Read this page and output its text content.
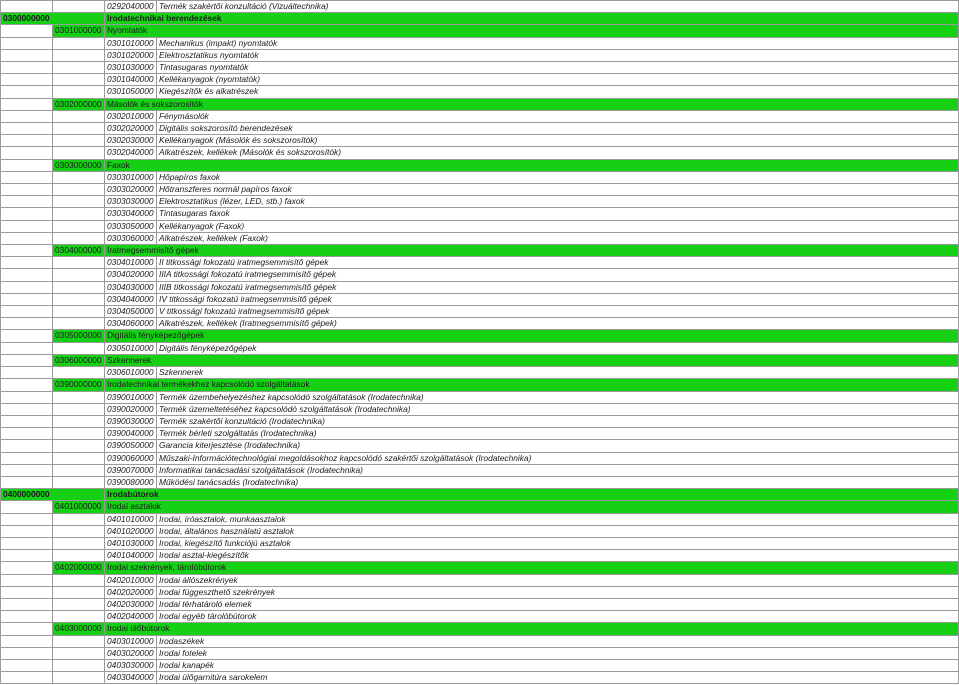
		0292040000	Termék szakértői konzultáció (Vizuáltechnika)
0300000000		Irodatechnikai berendezések	
	0301000000	Nyomtatók	
		0301010000	Mechanikus (impakt) nyomtatók
		0301020000	Elektrosztatikus nyomtatók
		0301030000	Tintasugaras nyomtatók
		0301040000	Kellékanyagok (nyomtatók)
		0301050000	Kiegészítők és alkatrészek
	0302000000	Másolók és sokszorosítók	
		0302010000	Fénymásolók
		0302020000	Digitális sokszorosító berendezések
		0302030000	Kellékanyagok (Másolók és sokszorosítók)
		0302040000	Alkatrészek, kellékek (Másolók és sokszorosítók)
	0303000000	Faxok	
		0303010000	Hőpapíros faxok
		0303020000	Hőtranszferes normál papíros faxok
		0303030000	Elektrosztatikus (lézer, LED, stb.) faxok
		0303040000	Tintasugaras faxok
		0303050000	Kellékanyagok (Faxok)
		0303060000	Alkatrészek, kellékek (Faxok)
	0304000000	Iratmegsemmisítő gépek	
		0304010000	II titkossági fokozatú iratmegsemmisítő gépek
		0304020000	IIIA titkossági fokozatú iratmegsemmisítő gépek
		0304030000	IIIB titkossági fokozatú iratmegsemmisítő gépek
		0304040000	IV titkossági fokozatú iratmegsemmisítő gépek
		0304050000	V titkossági fokozatú iratmegsemmisítő gépek
		0304060000	Alkatrészek, kellékek (Iratmegsemmisítő gépek)
	0305000000	Digitális fényképezőgépek	
		0305010000	Digitális fényképezőgépek
	0306000000	Szkennerek	
		0306010000	Szkennerek
	0390000000	Irodatechnikai termékekhez kapcsolódó szolgáltatások	
		0390010000	Termék üzembehelyezéshez kapcsolódó szolgáltatások (Irodatechnika)
		0390020000	Termék üzemeltetéséhez kapcsolódó szolgáltatások (Irodatechnika)
		0390030000	Termék szakértői konzultáció (Irodatechnika)
		0390040000	Termék bérleti szolgáltatás (Irodatechnika)
		0390050000	Garancia kiterjesztése (Irodatechnika)
		0390060000	Műszaki-Információtechnológiai megoldásokhoz kapcsolódó szakértői szolgáltatások (Irodatechnika)
		0390070000	Informatikai tanácsadási szolgáltatások (Irodatechnika)
		0390080000	Működési tanácsadás (Irodatechnika)
0400000000		Irodabútorok	
	0401000000	Irodai asztalok	
		0401010000	Irodai, íróasztalok, munkaasztalok
		0401020000	Irodai, általános használatú asztalok
		0401030000	Irodai, kiegészítő funkciójú asztalok
		0401040000	Irodai asztal-kiegészítők
	0402000000	Irodai szekrények, tárolóbútorok	
		0402010000	Irodai állószekrények
		0402020000	Irodai függeszthető szekrények
		0402030000	Irodai térhatároló elemek
		0402040000	Irodai egyéb tárolóbútorok
	0403000000	Irodai ülőbútorok	
		0403010000	Irodaszékek
		0403020000	Irodai fotelek
		0403030000	Irodai kanapék
		0403040000	Irodai ülőgarnitúra sarokelem
